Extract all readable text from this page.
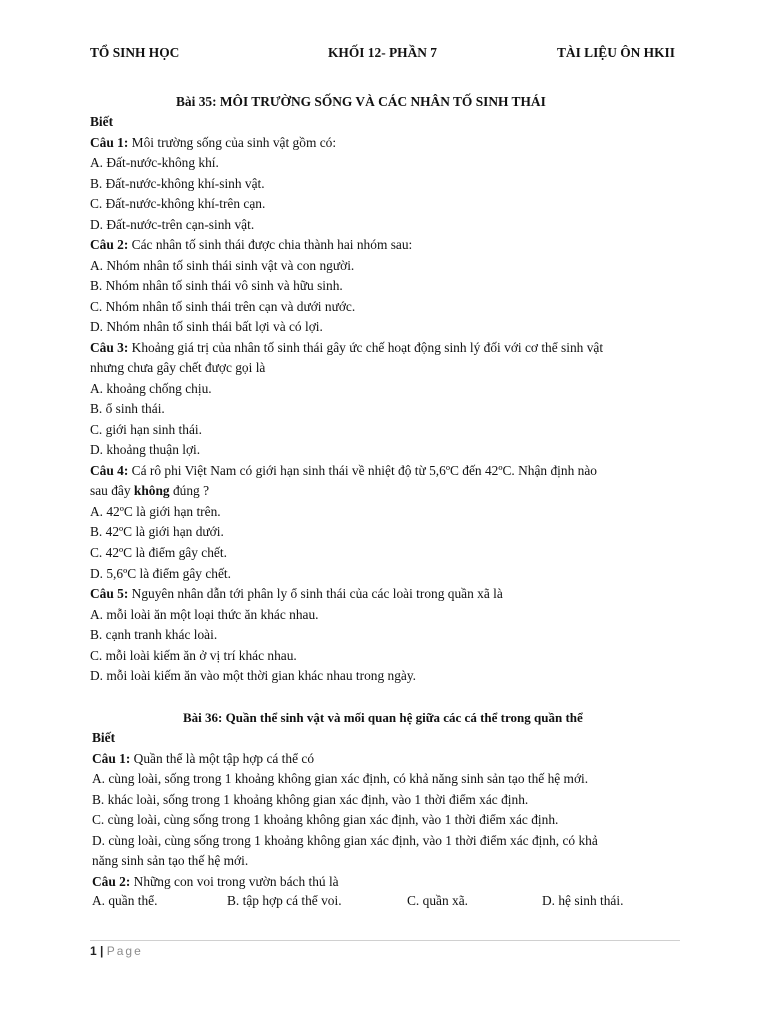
TỔ SINH HỌC	KHỐI 12- PHẦN 7	TÀI LIỆU ÔN HKII
Bài 35: MÔI TRƯỜNG SỐNG VÀ CÁC NHÂN TỐ SINH THÁI
Biết
Câu 1: Môi trường sống của sinh vật gồm có:
A. Đất-nước-không khí.
B. Đất-nước-không khí-sinh vật.
C. Đất-nước-không khí-trên cạn.
D. Đất-nước-trên cạn-sinh vật.
Câu 2: Các nhân tố sinh thái được chia thành hai nhóm sau:
A. Nhóm nhân tố sinh thái sinh vật và con người.
B. Nhóm nhân tố sinh thái vô sinh và hữu sinh.
C. Nhóm nhân tố sinh thái trên cạn và dưới nước.
D. Nhóm nhân tố sinh thái bất lợi và có lợi.
Câu 3: Khoảng giá trị của nhân tố sinh thái gây ức chế hoạt động sinh lý đối với cơ thể sinh vật
nhưng chưa gây chết được gọi là
A. khoảng chống chịu.
B. ổ sinh thái.
C. giới hạn sinh thái.
D. khoảng thuận lợi.
Câu 4: Cá rô phi Việt Nam có giới hạn sinh thái về nhiệt độ từ 5,6ºC đến 42ºC. Nhận định nào
sau đây không đúng ?
A. 42ºC là giới hạn trên.
B. 42ºC là giới hạn dưới.
C. 42ºC là điểm gây chết.
D. 5,6ºC là điểm gây chết.
Câu 5: Nguyên nhân dẫn tới phân ly ổ sinh thái của các loài trong quần xã là
A. mỗi loài ăn một loại thức ăn khác nhau.
B. cạnh tranh khác loài.
C. mỗi loài kiếm ăn ở vị trí khác nhau.
D. mỗi loài kiếm ăn vào một thời gian khác nhau trong ngày.
Bài 36: Quần thể sinh vật và mối quan hệ giữa các cá thể trong quần thể
Biết
Câu 1: Quần thể là một tập hợp cá thể có
A. cùng loài, sống trong 1 khoảng không gian xác định, có khả năng sinh sản tạo thế hệ mới.
B. khác loài, sống trong 1 khoảng không gian xác định, vào 1 thời điểm xác định.
C. cùng loài, cùng sống trong 1 khoảng không gian xác định, vào 1 thời điểm xác định.
D. cùng loài, cùng sống trong 1 khoảng không gian xác định, vào 1 thời điểm xác định, có khả
năng sinh sản tạo thế hệ mới.
Câu 2: Những con voi trong vườn bách thú là
A. quần thể.	B. tập hợp cá thể voi.	C. quần xã.	D. hệ sinh thái.
1 | Page
